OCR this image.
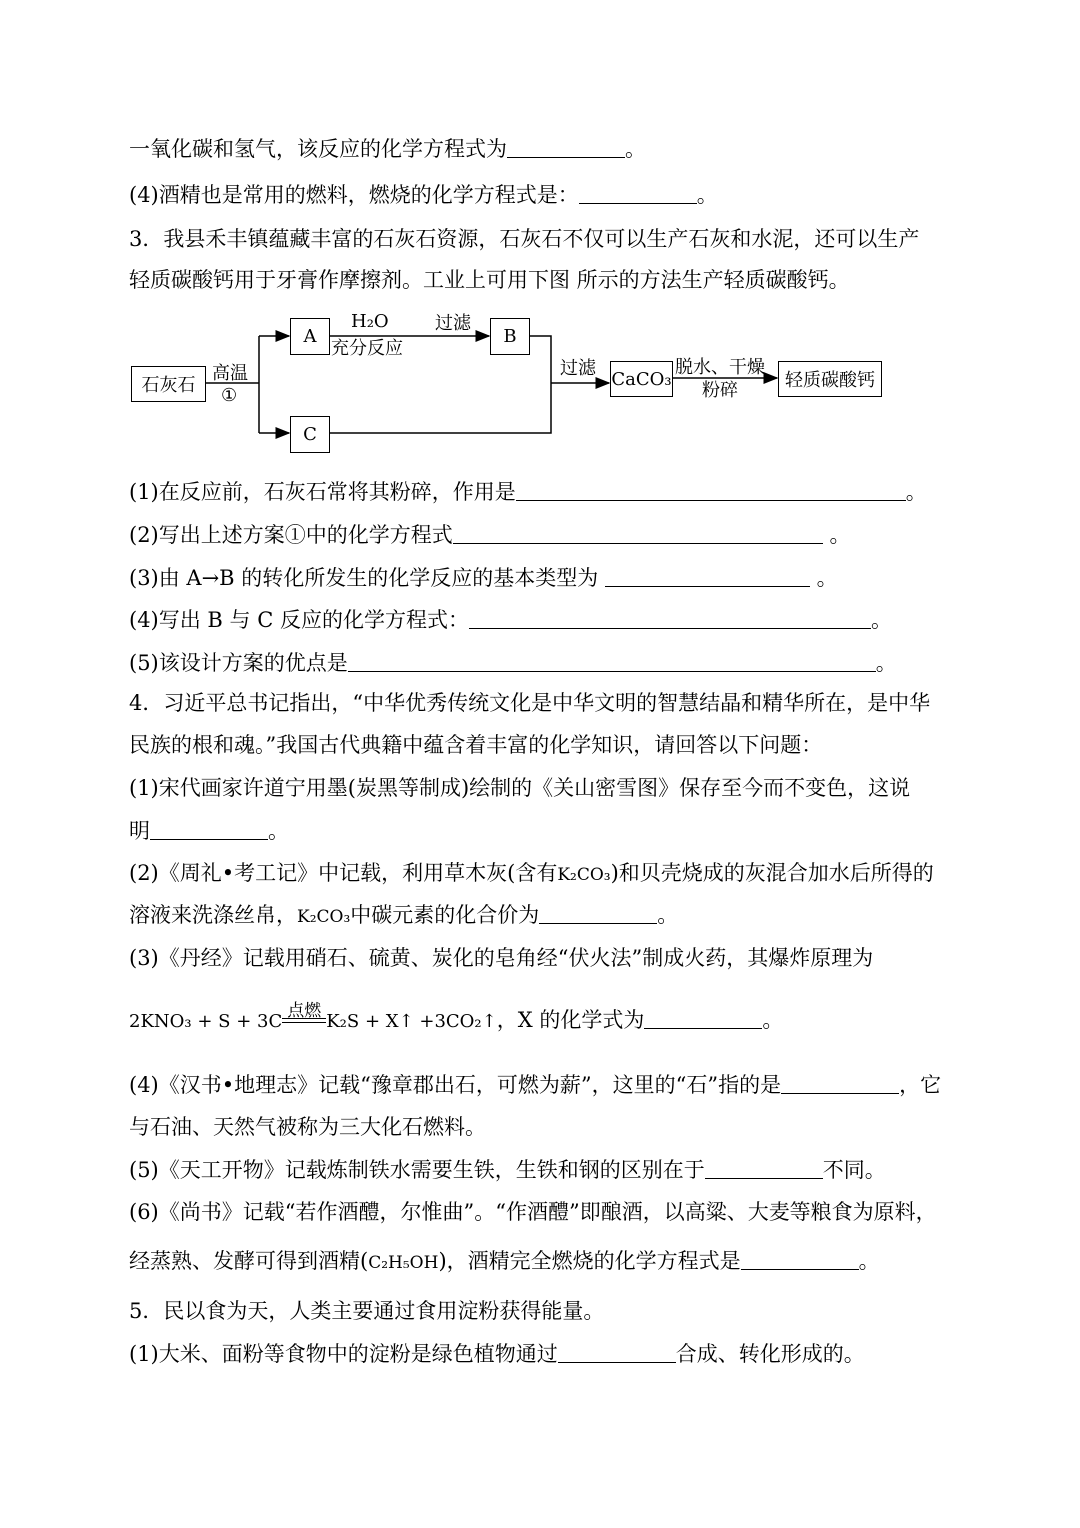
一氧化碳和氢气，该反应的化学方程式为	。
(4)酒精也是常用的燃料，燃烧的化学方程式是：	。
3．我县禾丰镇蕴藏丰富的石灰石资源，石灰石不仅可以生产石灰和水泥，还可以生产
轻质碳酸钙用于牙膏作摩擦剂。工业上可用下图 所示的方法生产轻质碳酸钙。
石灰石
高温
①
A
C
H₂O
充分反应
过滤
B
过滤 CaCO₃
脱水、干燥
粉碎	轻质碳酸钙
(1)在反应前，石灰石常将其粉碎，作用是	。
(2)写出上述方案①中的化学方程式	。
(3)由 A→B 的转化所发生的化学反应的基本类型为	。
(4)写出 B 与 C 反应的化学方程式：	。
(5)该设计方案的优点是	。
4．习近平总书记指出，“中华优秀传统文化是中华文明的智慧结晶和精华所在，是中华
民族的根和魂。”我国古代典籍中蕴含着丰富的化学知识，请回答以下问题：
(1)宋代画家许道宁用墨(炭黑等制成)绘制的《关山密雪图》保存至今而不变色，这说
明	。
(2)《周礼•考工记》中记载，利用草木灰(含有K₂CO₃)和贝壳烧成的灰混合加水后所得的
溶液来洗涤丝帛，K₂CO₃中碳元素的化合价为	。
(3)《丹经》记载用硝石、硫黄、炭化的皂角经“伏火法”制成火药，其爆炸原理为
2KNO₃ + S + 3C 点燃 K₂S + X↑ +3CO₂↑，X 的化学式为	。
(4)《汉书•地理志》记载“豫章郡出石，可燃为薪”，这里的“石”指的是	，它
与石油、天然气被称为三大化石燃料。
(5)《天工开物》记载炼制铁水需要生铁，生铁和钢的区别在于	不同。
(6)《尚书》记载“若作酒醴，尔惟曲”。“作酒醴”即酿酒，以高粱、大麦等粮食为原料，
经蒸熟、发酵可得到酒精(C₂H₅OH)，酒精完全燃烧的化学方程式是	。
5．民以食为天，人类主要通过食用淀粉获得能量。
(1)大米、面粉等食物中的淀粉是绿色植物通过	合成、转化形成的。
